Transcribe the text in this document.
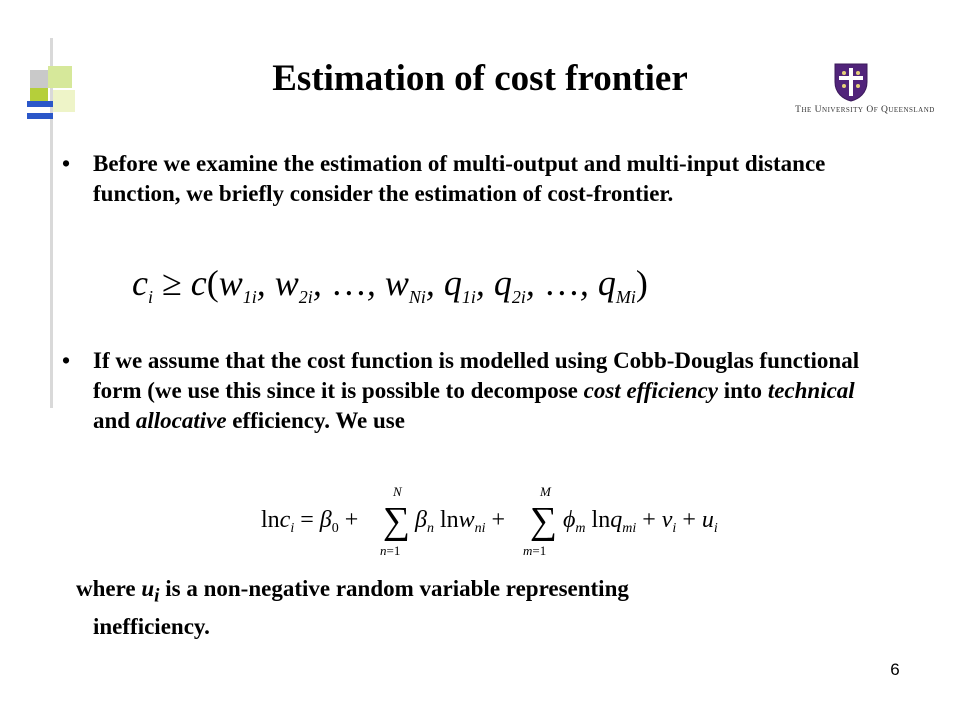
Estimation of cost frontier
The University Of Queensland
• Before we examine the estimation of multi-output and multi-input distance function, we briefly consider the estimation of cost-frontier.
$c_i \ge c(w_{1i}$, $w_{2i}$, …, $w_{Ni}$, $q_{1i}$, $q_{2i}$, …, $q_{Mi}$)
• If we assume that the cost function is modelled using Cobb-Douglas functional form (we use this since it is possible to decompose cost efficiency into technical and allocative efficiency. We use
$\ln c_i = \beta_0$ +
N
∑
n=1
$\beta_n$ lnw$_{ni}$ +
M
∑
m=1
$\phi_m$ $\ln q_{mi} + v_i + u_i$
where $u_i$ is a non-negative random variable representing
inefficiency.
6
